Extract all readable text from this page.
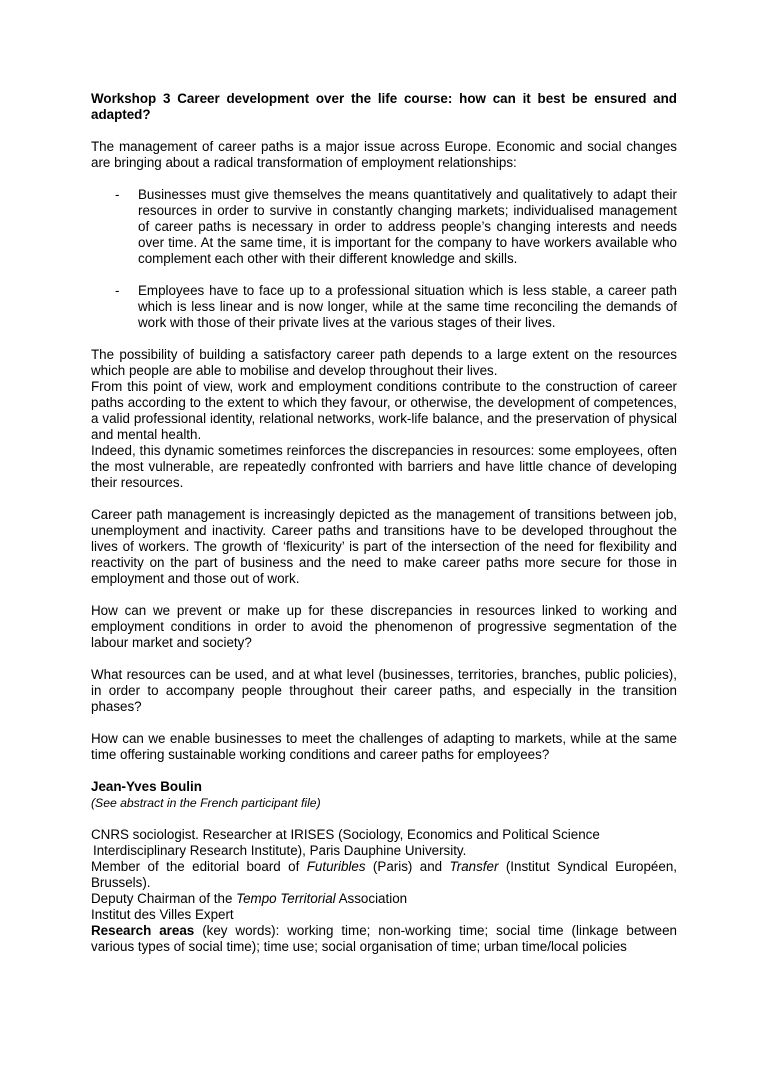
Workshop 3 Career development over the life course: how can it best be ensured and adapted?

The management of career paths is a major issue across Europe. Economic and social changes are bringing about a radical transformation of employment relationships:

- Businesses must give themselves the means quantitatively and qualitatively to adapt their resources in order to survive in constantly changing markets; individualised management of career paths is necessary in order to address people’s changing interests and needs over time. At the same time, it is important for the company to have workers available who complement each other with their different knowledge and skills.
- Employees have to face up to a professional situation which is less stable, a career path which is less linear and is now longer, while at the same time reconciling the demands of work with those of their private lives at the various stages of their lives.

The possibility of building a satisfactory career path depends to a large extent on the resources which people are able to mobilise and develop throughout their lives.

From this point of view, work and employment conditions contribute to the construction of career paths according to the extent to which they favour, or otherwise, the development of competences, a valid professional identity, relational networks, work-life balance, and the preservation of physical and mental health.

Indeed, this dynamic sometimes reinforces the discrepancies in resources: some employees, often the most vulnerable, are repeatedly confronted with barriers and have little chance of developing their resources.

Career path management is increasingly depicted as the management of transitions between job, unemployment and inactivity. Career paths and transitions have to be developed throughout the lives of workers. The growth of ‘flexicurity’ is part of the intersection of the need for flexibility and reactivity on the part of business and the need to make career paths more secure for those in employment and those out of work.

How can we prevent or make up for these discrepancies in resources linked to working and employment conditions in order to avoid the phenomenon of progressive segmentation of the labour market and society?

What resources can be used, and at what level (businesses, territories, branches, public policies), in order to accompany people throughout their career paths, and especially in the transition phases?

How can we enable businesses to meet the challenges of adapting to markets, while at the same time offering sustainable working conditions and career paths for employees?

Jean-Yves Boulin

(See abstract in the French participant file)

CNRS sociologist. Researcher at IRISES (Sociology, Economics and Political Science

Interdisciplinary Research Institute), Paris Dauphine University.

Member of the editorial board of Futuribles (Paris) and Transfer (Institut Syndical Européen, Brussels).

Deputy Chairman of the Tempo Territorial Association

Institut des Villes Expert

Research areas (key words): working time; non-working time; social time (linkage between various types of social time); time use; social organisation of time; urban time/local policies
